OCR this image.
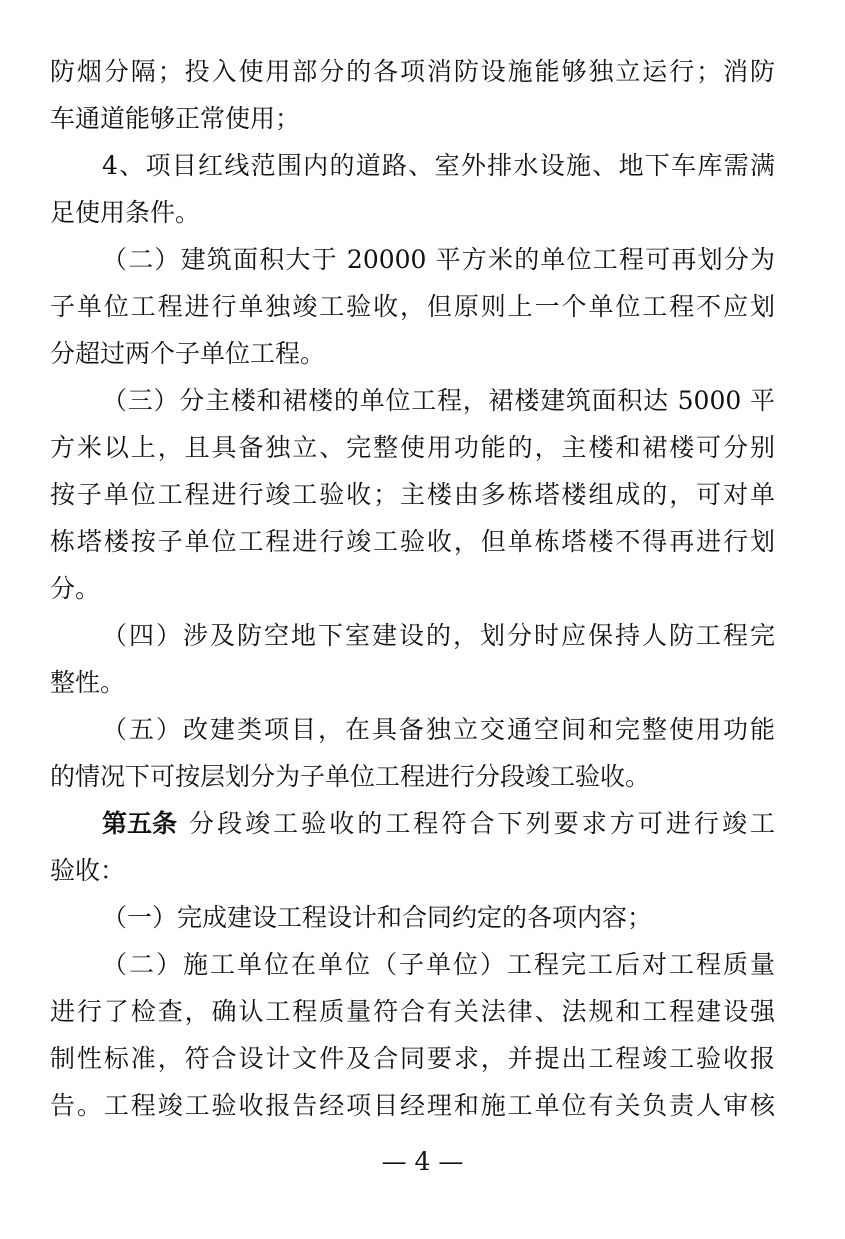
防烟分隔；投入使用部分的各项消防设施能够独立运行；消防
车通道能够正常使用；
4、项目红线范围内的道路、室外排水设施、地下车库需满
足使用条件。
（二）建筑面积大于 20000 平方米的单位工程可再划分为
子单位工程进行单独竣工验收，但原则上一个单位工程不应划
分超过两个子单位工程。
（三）分主楼和裙楼的单位工程，裙楼建筑面积达 5000 平
方米以上，且具备独立、完整使用功能的，主楼和裙楼可分别
按子单位工程进行竣工验收；主楼由多栋塔楼组成的，可对单
栋塔楼按子单位工程进行竣工验收，但单栋塔楼不得再进行划
分。
（四）涉及防空地下室建设的，划分时应保持人防工程完
整性。
（五）改建类项目，在具备独立交通空间和完整使用功能
的情况下可按层划分为子单位工程进行分段竣工验收。
第五条 分段竣工验收的工程符合下列要求方可进行竣工
验收：
（一）完成建设工程设计和合同约定的各项内容；
（二）施工单位在单位（子单位）工程完工后对工程质量
进行了检查，确认工程质量符合有关法律、法规和工程建设强
制性标准，符合设计文件及合同要求，并提出工程竣工验收报
告。工程竣工验收报告经项目经理和施工单位有关负责人审核
— 4 —
